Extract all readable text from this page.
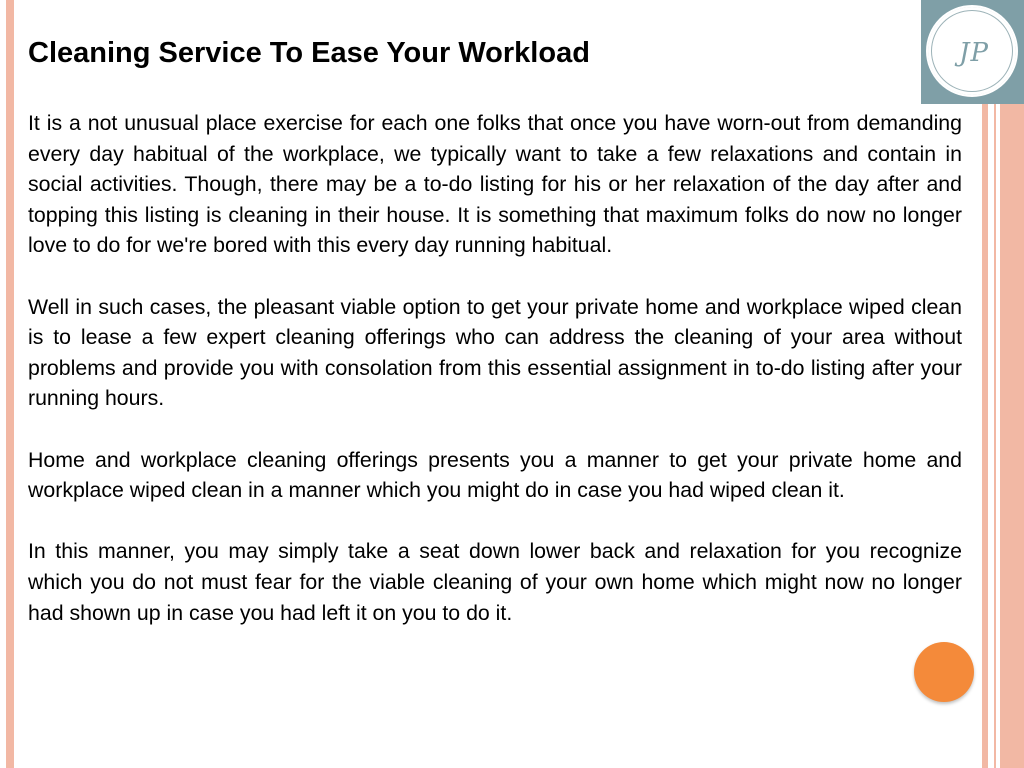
JP
Cleaning Service To Ease Your Workload

It is a not unusual place exercise for each one folks that once you have worn-out from demanding every day habitual of the workplace, we typically want to take a few relaxations and contain in social activities. Though, there may be a to-do listing for his or her relaxation of the day after and topping this listing is cleaning in their house. It is something that maximum folks do now no longer love to do for we're bored with this every day running habitual.

Well in such cases, the pleasant viable option to get your private home and workplace wiped clean is to lease a few expert cleaning offerings who can address the cleaning of your area without problems and provide you with consolation from this essential assignment in to-do listing after your running hours.

Home and workplace cleaning offerings presents you a manner to get your private home and workplace wiped clean in a manner which you might do in case you had wiped clean it.

In this manner, you may simply take a seat down lower back and relaxation for you recognize which you do not must fear for the viable cleaning of your own home which might now no longer had shown up in case you had left it on you to do it.
